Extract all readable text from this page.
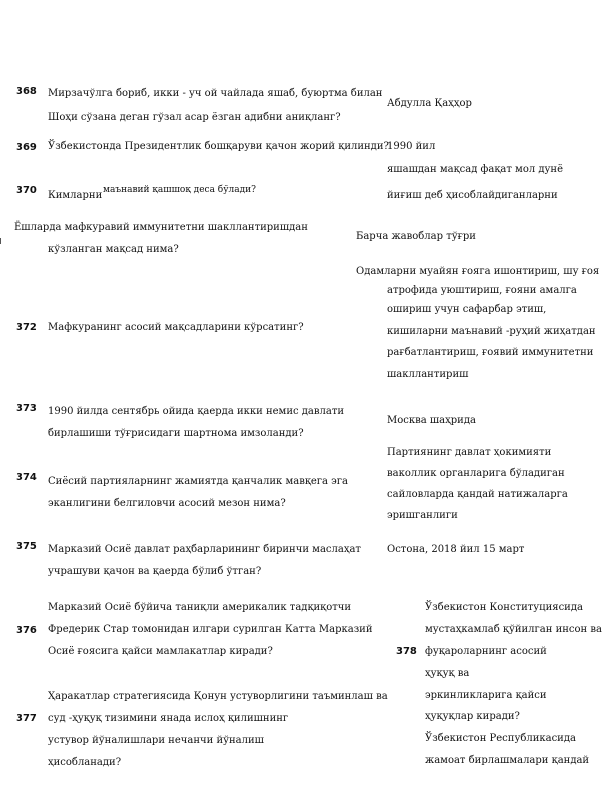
368 Мирзачўлга бориб, икки - уч ой чайлада яшаб, буюртма билан
Шоҳи сўзана деган гўзал асар ёзган адибни аниқланг?
Абдулла Қаҳҳор
369 Ўзбекистонда Президентлик бошқаруви қачон жорий қилинди?
1990 йил
яшашдан мақсад фақат мол дунё
370 Кимларни маънавий қашшоқ деса бўлади?	йиғиш деб ҳисоблайдиганларни
Ёшларда мафкуравий иммунитетни шакллантиришдан
кўзланган мақсад нима?
Барча жавоблар тўғри
Одамларни муайян ғояга ишонтириш, шу ғоя
атрофида уюштириш, ғояни амалга
ошириш учун сафарбар этиш,
кишиларни маънавий -руҳий жиҳатдан
рағбатлантириш, ғоявий иммунитетни
шакллантириш
372 Мафкуранинг асосий мақсадларини кўрсатинг?
373 1990 йилда сентябрь ойида қаерда икки немис давлати
бирлашиши тўғрисидаги шартнома имзоланди?
Москва шаҳрида
Партиянинг давлат ҳокимияти
ваколлик органларига бўладиган
сайловларда қандай натижаларга
эришганлиги
374 Сиёсий партияларнинг жамиятда қанчалик мавқега эга
эканлигини белгиловчи асосий мезон нима?
375 Марказий Осиё давлат раҳбарларининг биринчи маслаҳат
учрашуви қачон ва қаерда бўлиб ўтган?
Остона, 2018 йил 15 март
376
Марказий Осиё бўйича таниқли америкалик тадқиқотчи
Фредерик Стар томонидан илгари сурилган Катта Марказий
Осиё ғоясига қайси мамлакатлар киради?
Ўзбекистон Конституциясида
мустаҳкамлаб қўйилган инсон ва
378 фуқароларнинг асосий
ҳуқуқ ва
эркинликларига қайси
ҳуқуқлар киради?
Ўзбекистон Республикасида
жамоат бирлашмалари қандай
377
Ҳаракатлар стратегиясида Қонун устуворлигини таъминлаш ва
суд -ҳуқуқ тизимини янада ислоҳ қилишнинг
устувор йўналишлари нечанчи йўналиш
ҳисобланади?
